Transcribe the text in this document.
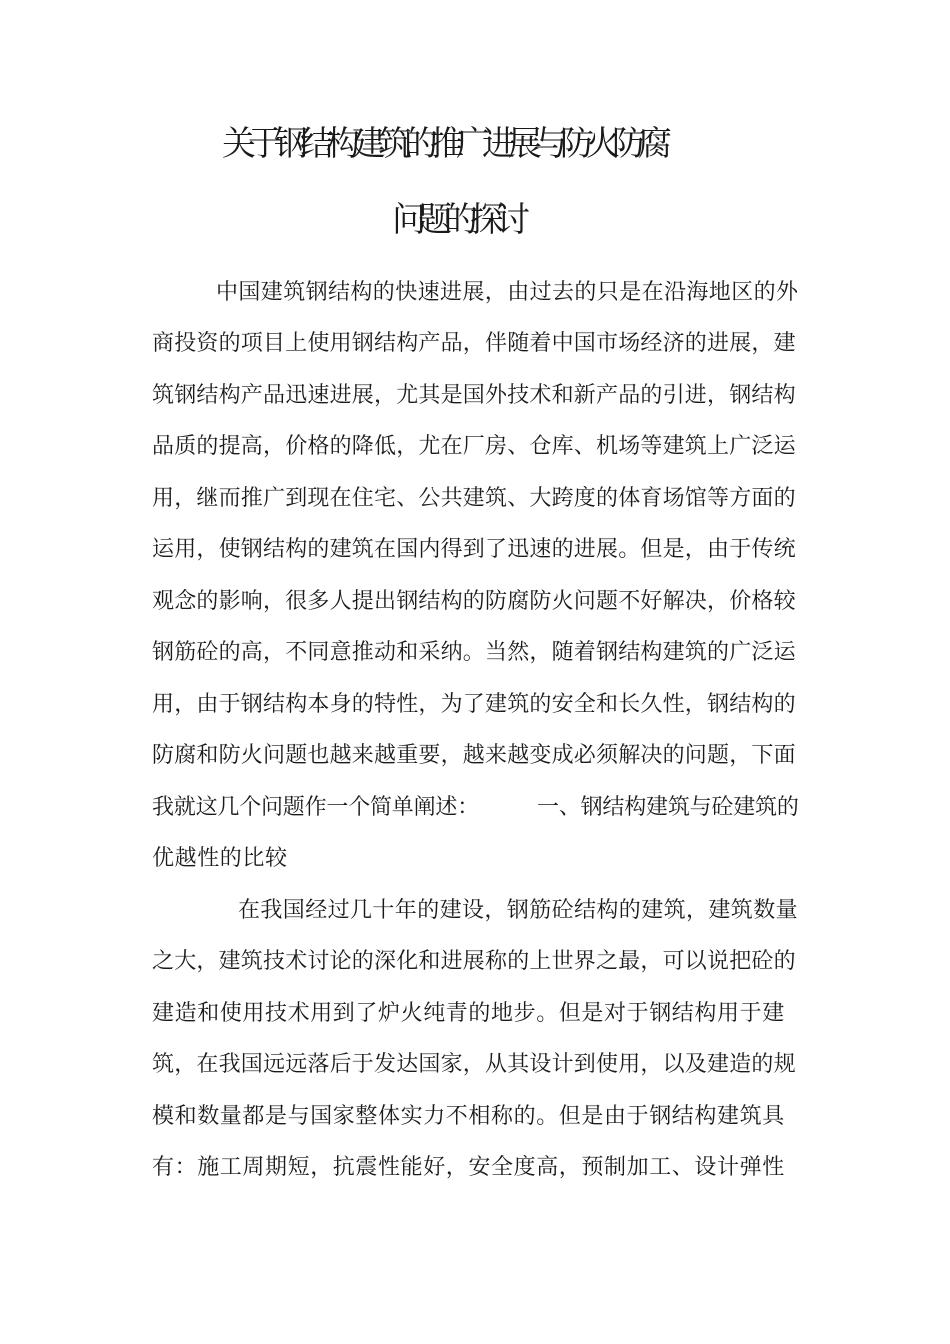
关于钢结构建筑的推广进展与防火防腐
问题的探讨
中国建筑钢结构的快速进展，由过去的只是在沿海地区的外
商投资的项目上使用钢结构产品，伴随着中国市场经济的进展，建
筑钢结构产品迅速进展，尤其是国外技术和新产品的引进，钢结构
品质的提高，价格的降低，尤在厂房、仓库、机场等建筑上广泛运
用，继而推广到现在住宅、公共建筑、大跨度的体育场馆等方面的
运用，使钢结构的建筑在国内得到了迅速的进展。但是，由于传统
观念的影响，很多人提出钢结构的防腐防火问题不好解决，价格较
钢筋砼的高，不同意推动和采纳。当然，随着钢结构建筑的广泛运
用，由于钢结构本身的特性，为了建筑的安全和长久性，钢结构的
防腐和防火问题也越来越重要，越来越变成必须解决的问题，下面
我就这几个问题作一个简单阐述：	一、钢结构建筑与砼建筑的
优越性的比较
在我国经过几十年的建设，钢筋砼结构的建筑，建筑数量
之大，建筑技术讨论的深化和进展称的上世界之最，可以说把砼的
建造和使用技术用到了炉火纯青的地步。但是对于钢结构用于建
筑，在我国远远落后于发达国家，从其设计到使用，以及建造的规
模和数量都是与国家整体实力不相称的。但是由于钢结构建筑具
有：施工周期短，抗震性能好，安全度高，预制加工、设计弹性
